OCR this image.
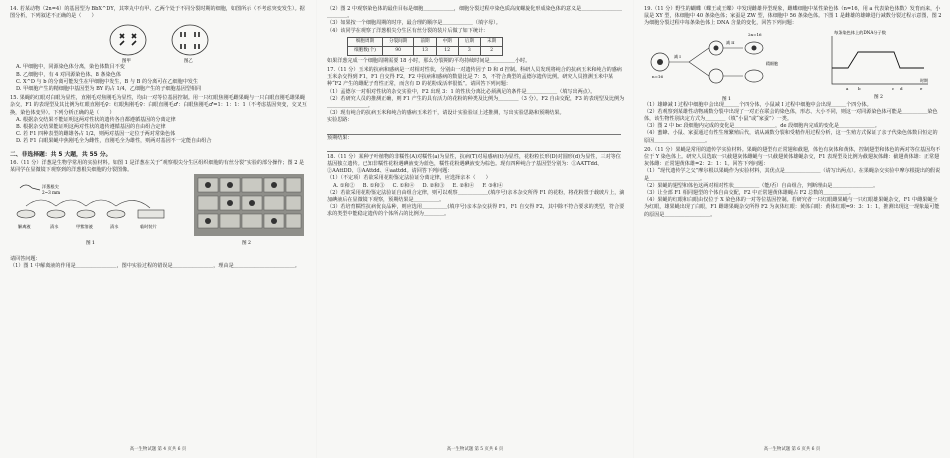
14. 若某动物（2n=4）的基因型为 BbX^DY，其睾丸中有甲、乙两个处于不同分裂时期的细胞，如图所示（不考虑突变发生）。据图分析，下列叙述不正确的是（　　）

图甲	图乙

A. 甲细胞中，同源染色体分离，染色体数目不变

B. 乙细胞中，有 4 对同源染色体、8 条染色体

C. X^D 与 b 的分离可能发生在甲细胞中发生，B 与 B 的分离可在乙细胞中发生

D. 甲细胞产生的精细胞中基因型为 BY 的占 1/4，乙细胞产生的子细胞基因型相同

15. 果蝇的红眼对白眼为显性，直刚毛对焦刚毛为显性，均由一对等位基因控制。用一只红眼焦刚毛雌果蝇与一只白眼直刚毛雄果蝇杂交，F1 的表现型及其比例为红眼直刚毛♀：红眼焦刚毛♀：白眼直刚毛♂：白眼焦刚毛♂=1：1：1：1（不考虑基因突变，交叉互换，染色体变异）。下列分析正确的是（　　）

A. 根据杂交结果不能证明这两对性状的遗传各自都遵循基因的分离定律

B. 根据杂交结果能证明这两对性状的遗传遵循基因的自由组合定律

C. 若 F1 四种表型的雌雄各占 1/2，则两对基因一定位于两对常染色体

D. 若 F1 白眼果蝇中焦刚毛全为雌性，直刚毛全为雄性，则两对基因不一定能自由组合

二、非选择题：共 5 大题，共 55 分。

16.（11 分）洋葱是生物学常用的实验材料。如图 1 是洋葱在关于“观察根尖分生区组织细胞的有丝分裂”实验的部分操作；图 2 是某同学在显微镜下观察到的洋葱根尖细胞的分裂图像。

洋葱根尖
2~3 mm
解离液	清水	甲紫溶液	清水	临时装片
图 1	图 2

请回答问题：

（1）图 1 中解离液的作用是＿＿＿＿＿＿＿＿，图中实验过程的错误是＿＿＿＿＿＿＿＿，理由是＿＿＿＿＿＿＿＿＿＿＿＿。

高一生物试题 第 4 页共 6 页

（2）图 2 中观察染色体的最佳目标是细胞＿＿＿＿＿＿，细胞分裂过程中染色质高度螺旋化形成染色体的意义是＿＿＿＿＿＿＿＿＿＿＿＿。

（3）如果按一个细胞周期的时序，最合理的顺序是＿＿＿＿＿＿（填字母）。

（4）该同学在观察了洋葱根尖分生区有丝分裂的装片后做了如下统计：

细胞周期	分裂间期	前期	中期	后期	末期
细胞数(个)	90	13	12	3	2

如果洋葱完成一个细胞周期需要 18 小时，那么分裂期的平均持续时间是＿＿＿＿＿小时。

17.（11 分）玉米的抗病和感病是一对相对性状，分别由一对遗传因子 D 和 d 控制。科研人员发现将纯合的抗病玉米和纯合的感病玉米杂交得到 F1，F1 自交得 F2，F2 中抗病和感病的数量比是 7：5，不符合典型的孟德尔遗传比例。研究人员推测玉米中某种“F2 产生的雌配子育性正常，而含有 D 的花粉成活率很低”。请回答下列问题：

（1）孟德尔一对相对性状的杂交实验中，F2 出现 3：1 的性状分离比必须满足的条件是＿＿＿＿＿＿（填写出两点）。

（2）若研究人员的推测正确，则 F1 产生的具有活力的花粉的种类及比例为＿＿＿＿（3 分）。F2 自由交配，F3 的表现型及比例为＿＿＿＿＿＿＿＿。

（3）现有纯合的抗病玉米和纯合的感病玉米若干，请设计实验验证上述推测，写出实验思路和预期结果。

实验思路：
预期结果：

18.（11 分）某种子叶植物的非糯性(A)对糯性(a)为显性，抗病(T)对易感病(t)为显性，花粉粒长形(D)对圆形(d)为显性，三对等位基因独立遗传。已知非糯性花粉遇碘液变为蓝色，糯性花粉遇碘液变为棕色。现有四种纯合子基因型分别为：①AATTdd、②AAttDD、③AAttdd、④aattdd。请回答下列问题：

（1）（不定项）若欲采用花粉鉴定法验证分离定律，应选择亲本（　　）

A. ①和② B. ①和③ C. ①和④ D. ②和③ E. ②和④ F. ③和④

（2）若欲采用花粉鉴定法验证自由组合定律，则可以观察＿＿＿＿＿＿(填序号)亲本杂交所得 F1 的花粉，将花粉置于载玻片上，滴加碘液后在显微镜下观察，预期结果是＿＿＿＿＿。

（3）若培育糯性抗病优良品种，则应选用＿＿＿＿＿(填序号)亲本杂交获得 F1，F1 自交得 F2，其中除不符合要求的类型，符合要求的类型中能稳定遗传的个体所占的比例为＿＿＿＿。

高一生物试题 第 5 页共 6 页

19.（11 分）野生的蝴蝶（蝶王或王蝶）中发现雌雄异型现象，雌蝶细胞中某性染色体（n=16，用 a 代表染色体数）发育而来，小鼠是 XY 型，体细胞中 40 条染色体；家蚕是 ZW 型，体细胞中 56 条染色体。下图 1 是雌雄的雄蜂进行减数分裂过程示意图，图 2 为细胞分裂过程中每条染色体上 DNA 含量的变化，回答下列问题：

n=16
减 I
减 II
2n=16
精细胞
图 1
每条染色体上的DNA分子数
a b	c d	e
时期
图 2

（1）雄蜂减 I 过程中细胞中会出现＿＿＿个四分体，小鼠减 I 过程中细胞中会出现＿＿＿个四分体。

（2）若观察到某雄性动物减数分裂中出现了一对正在联会的染色体，形态、大小不同，则这一对同源染色体可能是＿＿＿＿＿染色体，该生物性别决定方式为＿＿＿＿（填“小鼠”或“家蚕”）一类。

（3）图 2 中 bc 段细胞内完成的变化是＿＿＿＿＿＿＿＿，de 段细胞内完成的变化是＿＿＿＿＿＿＿。

（4）蜜蜂、小鼠、家蚕通过有性生殖繁殖后代，请从减数分裂和受精作用过程分析，这一生殖方式保证了亲子代染色体数目恒定的原因＿＿＿＿＿＿＿＿＿＿。

20.（11 分）果蝇是常用的遗传学实验材料。果蝇的翅型有正常翅和截翅，体色有灰体和黄体，控制翅型和体色的两对等位基因均不位于 Y 染色体上。研究人员选取一只截翅灰体雌蝇与一只截翅黄体雄蝇杂交，F1 表现型及比例为截翅灰体雌：截翅黄体雄：正常翅灰体雌：正常翅黄体雄=2：2：1：1。回答下列问题：

（1）“现代遗传学之父”摩尔根以果蝇作为实验材料，其优点是＿＿＿＿＿＿＿（请写出两点）。在果蝇杂交实验中摩尔根提出的假说是＿＿＿＿＿＿＿＿＿＿。

（2）果蝇的翅型和体色这两对相对性状＿＿＿＿＿（能/否）自由组合，判断理由是＿＿＿＿＿＿＿＿。

（3）让全部 F1 相同翅型的个体自由交配，F2 中正常翅黄体雄蝇占 F2 总数的＿＿＿＿＿。

（4）果蝇的红眼和白眼由仅位于 X 染色体的一对等位基因控制。若研究者一只红眼雌果蝇与一只红眼雄果蝇杂交，F1 中雌果蝇全为红眼，雄果蝇出现了白眼，F1 雌雄果蝇杂交所得 F2 为灰体红眼：黄体白眼：黄体红眼=9：3：1：1，推测出现这一现象最可能的原因是＿＿＿＿＿＿＿＿＿。

高一生物试题 第 6 页共 6 页
